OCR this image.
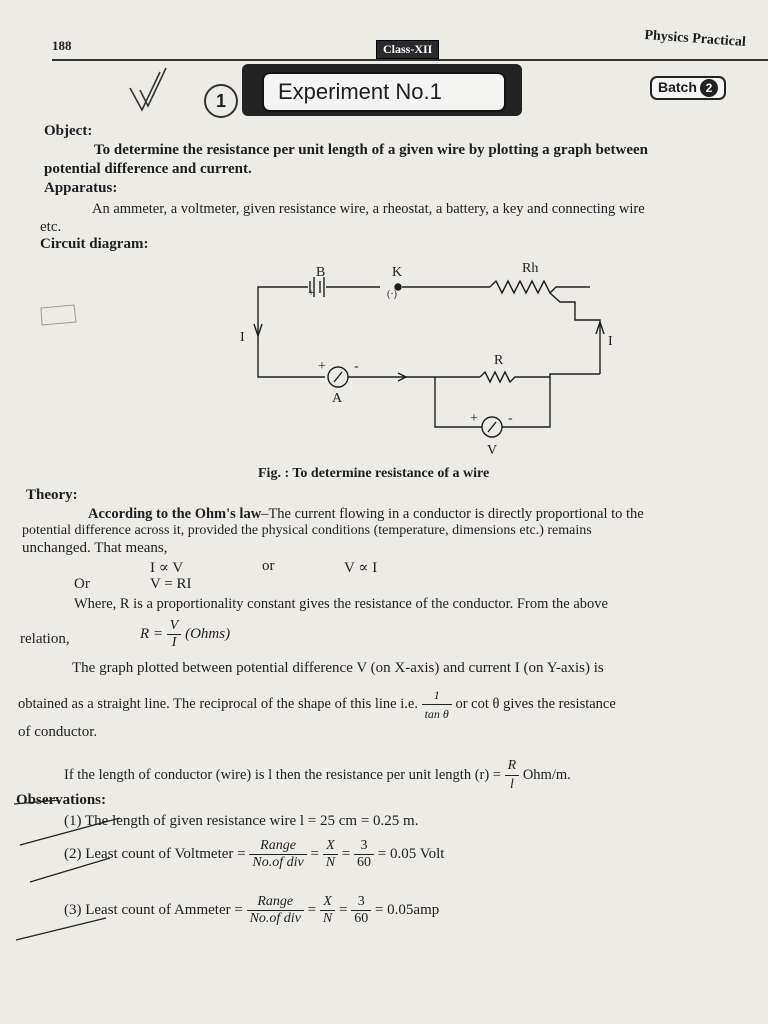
188	Class-XII	Physics Practical
1	Experiment No.1	Batch 2
Object:
To determine the resistance per unit length of a given wire by plotting a graph between
potential difference and current.
Apparatus:
An ammeter, a voltmeter, given resistance wire, a rheostat, a battery, a key and connecting wire
etc.
Circuit diagram:
B	K
(·)
Rh
I	I
R
A
V
+
+ -
+ -
Fig. : To determine resistance of a wire
Theory:
According to the Ohm's law–The current flowing in a conductor is directly proportional to the
potential difference across it, provided the physical conditions (temperature, dimensions etc.) remains
unchanged. That means,
I ∝ V	or	V ∝ I
Or	V = RI
Where, R is a proportionality constant gives the resistance of the conductor. From the above
relation,	$R = \frac{V}{I}$ (Ohms)
The graph plotted between potential difference V (on X-axis) and current I (on Y-axis) is
obtained as a straight line. The reciprocal of the shape of this line i.e. $\frac{1}{\text{tan θ}}$ or cot θ gives the resistance
of conductor.
If the length of conductor (wire) is l then the resistance per unit length $(r) = \frac{R}{l} Ohm/m$.
Observations:
(1) The length of given resistance wire l = 25 cm = 0.25 m.
(2) Least count of Voltmeter = $\frac{\text{Range}}{\text{No.of div}} = \frac{X}{N} = \frac{3}{60} = 0.05$ Volt
(3) Least count of Ammeter = $\frac{\text{Range}}{\text{No.of div}} = \frac{X}{N} = \frac{3}{60} = 0.05amp$
